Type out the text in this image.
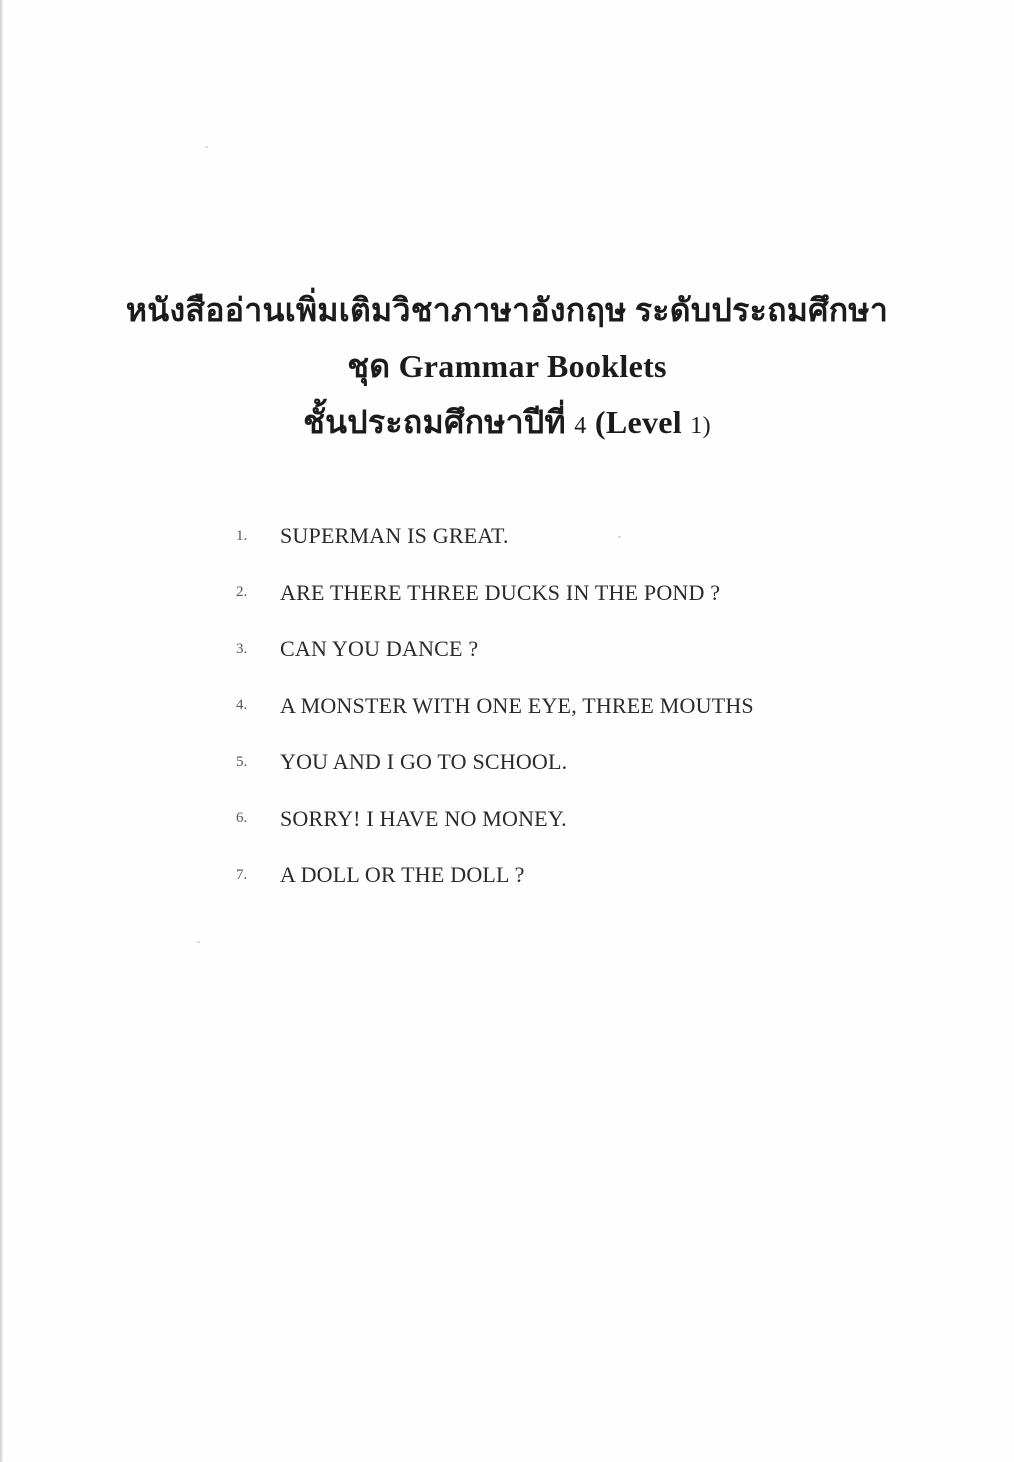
หนังสืออ่านเพิ่มเติมวิชาภาษาอังกฤษ ระดับประถมศึกษา
ชุด Grammar Booklets
ชั้นประถมศึกษาปีที่ 4 (Level 1)
1.	SUPERMAN IS GREAT.
2.	ARE THERE THREE DUCKS IN THE POND ?
3.	CAN YOU DANCE ?
4.	A MONSTER WITH ONE EYE, THREE MOUTHS
5.	YOU AND I GO TO SCHOOL.
6.	SORRY! I HAVE NO MONEY.
7.	A DOLL OR THE DOLL ?
